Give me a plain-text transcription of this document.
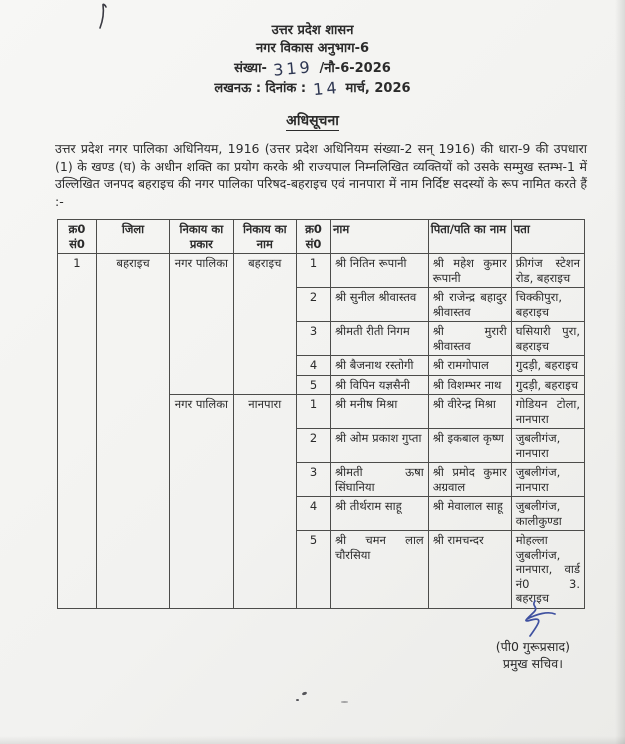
उत्तर प्रदेश शासन
नगर विकास अनुभाग-6
संख्या- 319 /नौ-6-2026
लखनऊ : दिनांक : 14 मार्च, 2026
अधिसूचना
उत्तर प्रदेश नगर पालिका अधिनियम, 1916 (उत्तर प्रदेश अधिनियम संख्या-2 सन् 1916) की धारा-9 की उपधारा (1) के खण्ड (घ) के अधीन शक्ति का प्रयोग करके श्री राज्यपाल निम्नलिखित व्यक्तियों को उसके सम्मुख स्तम्भ-1 में उल्लिखित जनपद बहराइच की नगर पालिका परिषद-बहराइच एवं नानपारा में नाम निर्दिष्ट सदस्यों के रूप नामित करते हैं :-
क्र0 सं0	जिला	निकाय का प्रकार	निकाय का नाम	क्र0 सं0	नाम	पिता/पति का नाम	पता
1	बहराइच	नगर पालिका	बहराइच	1	श्री नितिन रूपानी	श्री महेश कुमार रूपानी	फ्रीगंज स्टेशन रोड, बहराइच
				2	श्री सुनील श्रीवास्तव	श्री राजेन्द्र बहादुर श्रीवास्तव	चिक्कीपुरा, बहराइच
				3	श्रीमती रीती निगम	श्री मुरारी श्रीवास्तव	घसियारी पुरा, बहराइच
				4	श्री बैजनाथ रस्तोगी	श्री रामगोपाल	गुदड़ी, बहराइच
				5	श्री विपिन यज्ञसैनी	श्री विशम्भर नाथ	गुदड़ी, बहराइच
		नगर पालिका	नानपारा	1	श्री मनीष मिश्रा	श्री वीरेन्द्र मिश्रा	गोडियन टोला, नानपारा
				2	श्री ओम प्रकाश गुप्ता	श्री इकबाल कृष्ण	जुबलीगंज, नानपारा
				3	श्रीमती ऊषा सिंघानिया	श्री प्रमोद कुमार अग्रवाल	जुबलीगंज, नानपारा
				4	श्री तीर्थराम साहू	श्री मेवालाल साहू	जुबलीगंज, कालीकुण्डा
				5	श्री चमन लाल चौरसिया	श्री रामचन्दर	मोहल्ला जुबलीगंज, नानपारा, वार्ड नं0 3. बहराइच
(पी0 गुरूप्रसाद)
प्रमुख सचिव।
